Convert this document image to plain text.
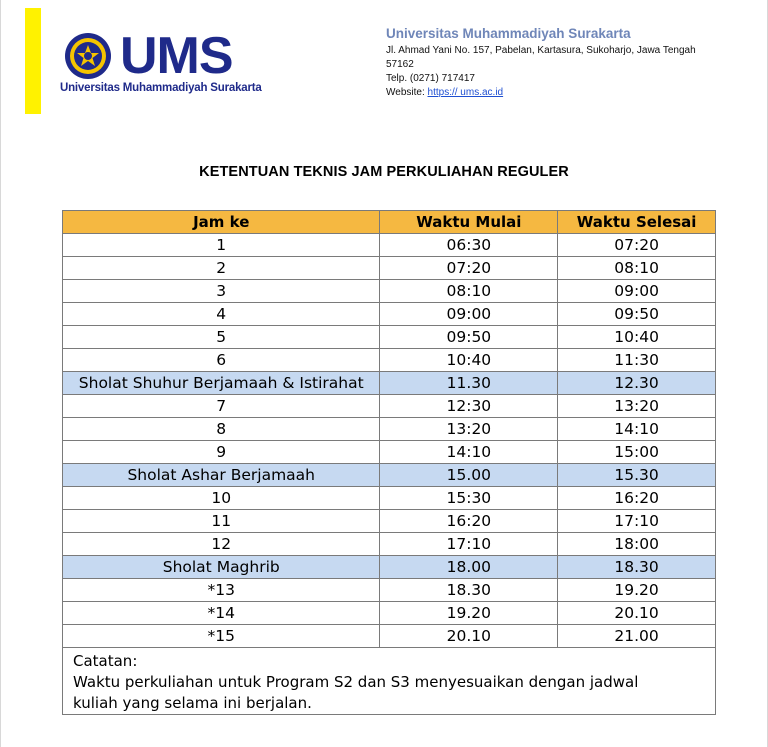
UMS
Universitas Muhammadiyah Surakarta
Universitas Muhammadiyah Surakarta
Jl. Ahmad Yani No. 157, Pabelan, Kartasura, Sukoharjo, Jawa Tengah
57162
Telp. (0271) 717417
Website: https:// ums.ac.id
KETENTUAN TEKNIS JAM PERKULIAHAN REGULER
Jam ke	Waktu Mulai	Waktu Selesai
1	06:30	07:20
2	07:20	08:10
3	08:10	09:00
4	09:00	09:50
5	09:50	10:40
6	10:40	11:30
Sholat Shuhur Berjamaah & Istirahat	11.30	12.30
7	12:30	13:20
8	13:20	14:10
9	14:10	15:00
Sholat Ashar Berjamaah	15.00	15.30
10	15:30	16:20
11	16:20	17:10
12	17:10	18:00
Sholat Maghrib	18.00	18.30
*13	18.30	19.20
*14	19.20	20.10
*15	20.10	21.00
Catatan:
Waktu perkuliahan untuk Program S2 dan S3 menyesuaikan dengan jadwal
kuliah yang selama ini berjalan.
